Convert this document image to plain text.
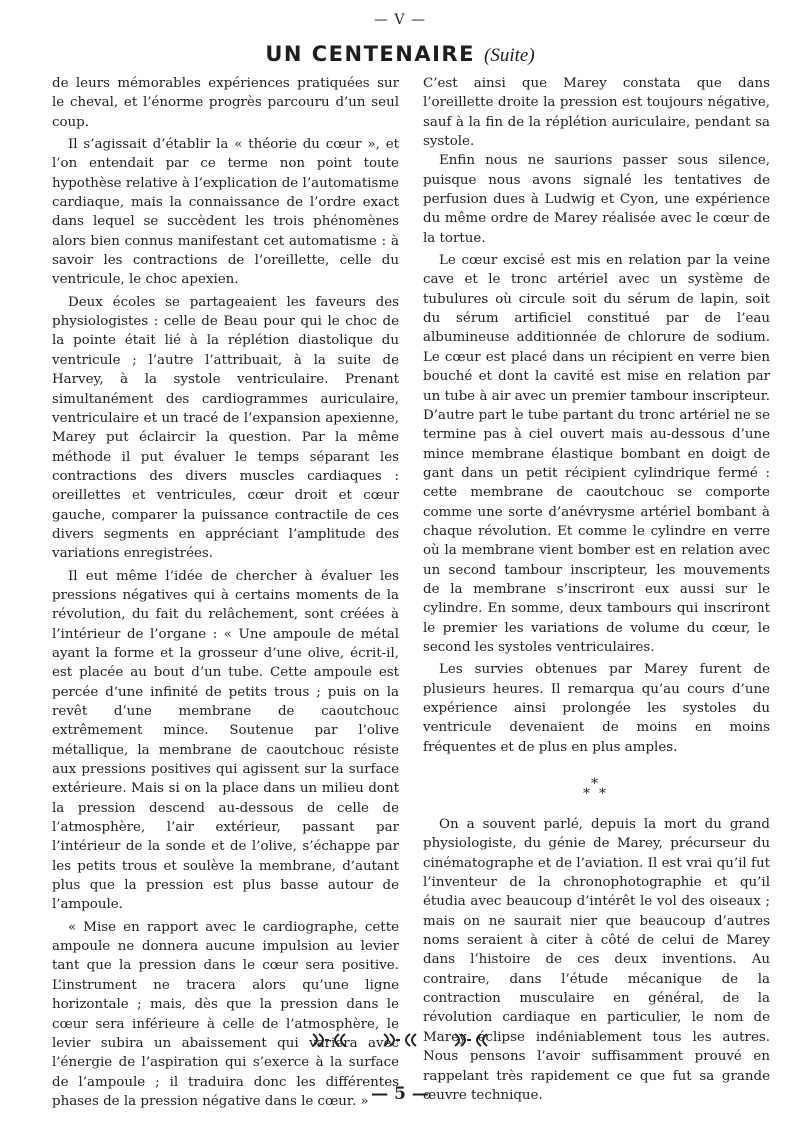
— V —
UN CENTENAIRE (Suite)

de leurs mémorables expériences pratiquées sur le cheval, et l’énorme progrès parcouru d’un seul coup.

Il s’agissait d’établir la « théorie du cœur », et l’on entendait par ce terme non point toute hypothèse relative à l’explication de l’automatisme cardiaque, mais la connaissance de l’ordre exact dans lequel se succèdent les trois phénomènes alors bien connus manifestant cet automatisme : à savoir les contractions de l’oreillette, celle du ventricule, le choc apexien.

Deux écoles se partageaient les faveurs des physiologistes : celle de Beau pour qui le choc de la pointe était lié à la réplétion diastolique du ventricule ; l’autre l’attribuait, à la suite de Harvey, à la systole ventriculaire. Prenant simultanément des cardiogrammes auriculaire, ventriculaire et un tracé de l’expansion apexienne, Marey put éclaircir la question. Par la même méthode il put évaluer le temps séparant les contractions des divers muscles cardiaques : oreillettes et ventricules, cœur droit et cœur gauche, comparer la puissance contractile de ces divers segments en appréciant l’amplitude des variations enregistrées.

Il eut même l’idée de chercher à évaluer les pressions négatives qui à certains moments de la révolution, du fait du relâchement, sont créées à l’intérieur de l’organe : « Une ampoule de métal ayant la forme et la grosseur d’une olive, écrit-il, est placée au bout d’un tube. Cette ampoule est percée d’une infinité de petits trous ; puis on la revêt d’une membrane de caoutchouc extrêmement mince. Soutenue par l’olive métallique, la membrane de caoutchouc résiste aux pressions positives qui agissent sur la surface extérieure. Mais si on la place dans un milieu dont la pression descend au-dessous de celle de l’atmosphère, l’air extérieur, passant par l’intérieur de la sonde et de l’olive, s’échappe par les petits trous et soulève la membrane, d’autant plus que la pression est plus basse autour de l’ampoule.

« Mise en rapport avec le cardiographe, cette ampoule ne donnera aucune impulsion au levier tant que la pression dans le cœur sera positive. L’instrument ne tracera alors qu’une ligne horizontale ; mais, dès que la pression dans le cœur sera inférieure à celle de l’atmosphère, le levier subira un abaissement qui variera avec l’énergie de l’aspiration qui s’exerce à la surface de l’ampoule ; il traduira donc les différentes phases de la pression négative dans le cœur. »

C’est ainsi que Marey constata que dans l’oreillette droite la pression est toujours négative, sauf à la fin de la réplétion auriculaire, pendant sa systole.

Enfin nous ne saurions passer sous silence, puisque nous avons signalé les tentatives de perfusion dues à Ludwig et Cyon, une expérience du même ordre de Marey réalisée avec le cœur de la tortue.

Le cœur excisé est mis en relation par la veine cave et le tronc artériel avec un système de tubulures où circule soit du sérum de lapin, soit du sérum artificiel constitué par de l’eau albumineuse additionnée de chlorure de sodium. Le cœur est placé dans un récipient en verre bien bouché et dont la cavité est mise en relation par un tube à air avec un premier tambour inscripteur. D’autre part le tube partant du tronc artériel ne se termine pas à ciel ouvert mais au-dessous d’une mince membrane élastique bombant en doigt de gant dans un petit récipient cylindrique fermé : cette membrane de caoutchouc se comporte comme une sorte d’anévrysme artériel bombant à chaque révolution. Et comme le cylindre en verre où la membrane vient bomber est en relation avec un second tambour inscripteur, les mouvements de la membrane s’inscriront eux aussi sur le cylindre. En somme, deux tambours qui inscriront le premier les variations de volume du cœur, le second les systoles ventriculaires.

Les survies obtenues par Marey furent de plusieurs heures. Il remarqua qu’au cours d’une expérience ainsi prolongée les systoles du ventricule devenaient de moins en moins fréquentes et de plus en plus amples.

*
* *

On a souvent parlé, depuis la mort du grand physiologiste, du génie de Marey, précurseur du cinématographe et de l’aviation. Il est vrai qu’il fut l’inventeur de la chronophotographie et qu’il étudia avec beaucoup d’intérêt le vol des oiseaux ; mais on ne saurait nier que beaucoup d’autres noms seraient à citer à côté de celui de Marey dans l’histoire de ces deux inventions. Au contraire, dans l’étude mécanique de la contraction musculaire en général, de la révolution cardiaque en particulier, le nom de Marey éclipse indéniablement tous les autres. Nous pensons l’avoir suffisamment prouvé en rappelant très rapidement ce que fut sa grande œuvre technique.

— 5 —
